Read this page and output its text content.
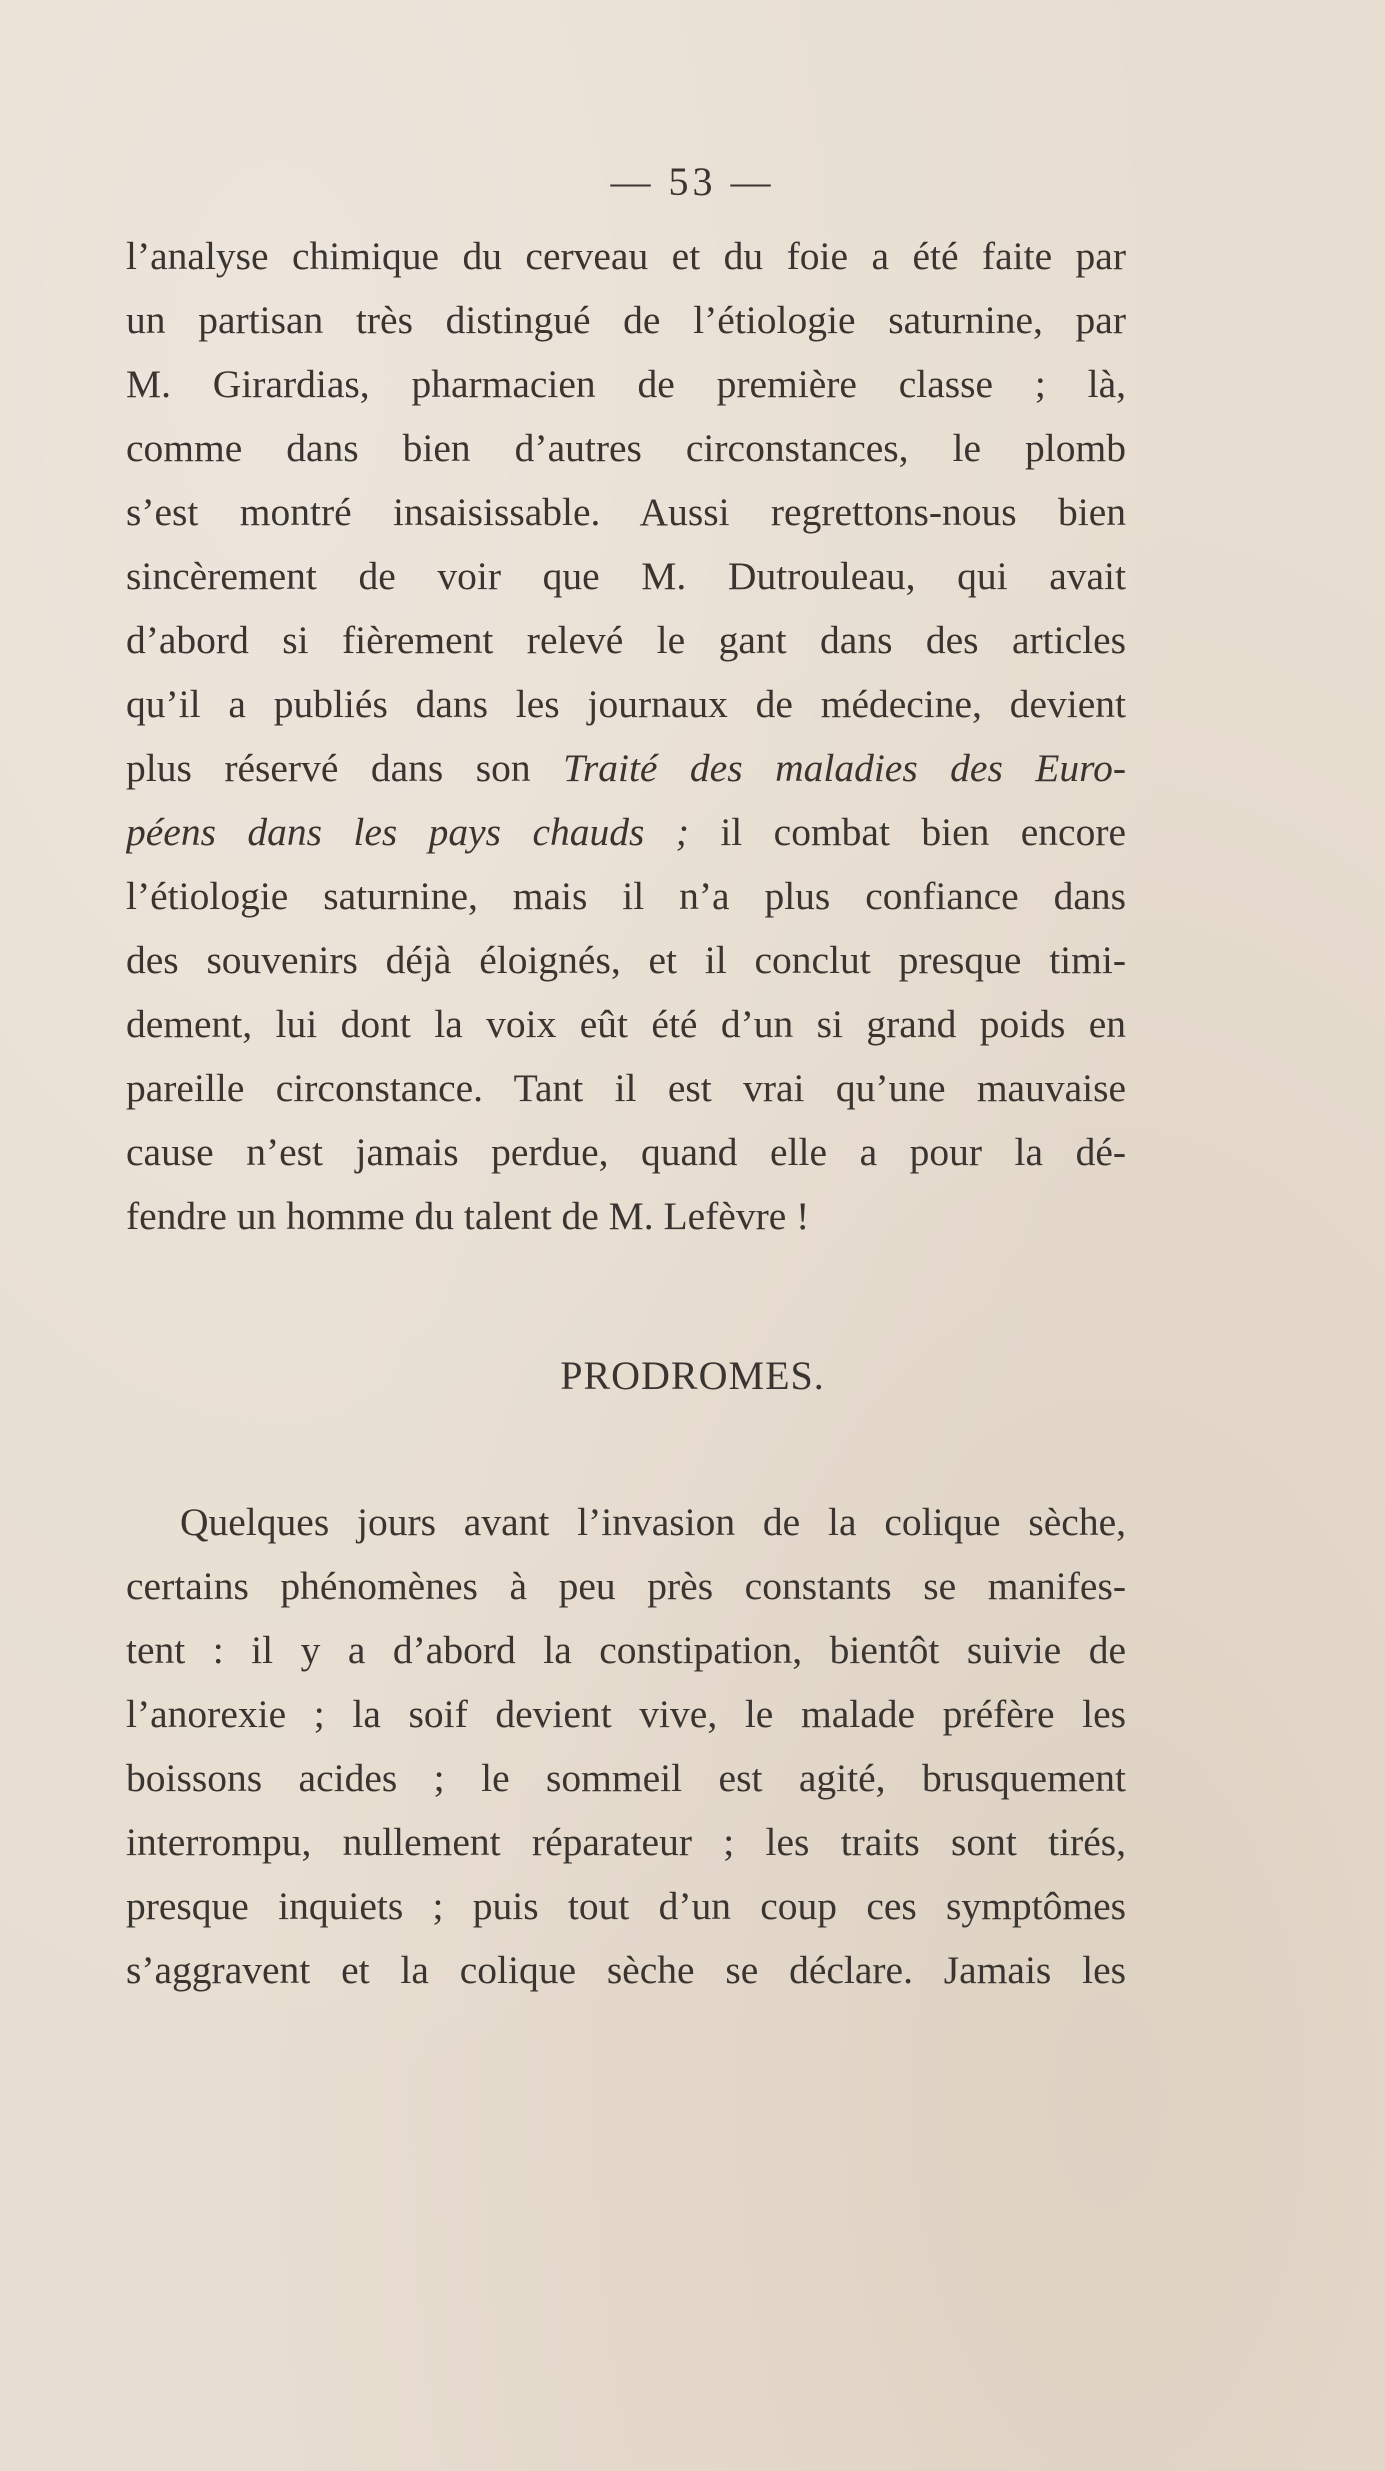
— 53 —
l’analyse chimique du cerveau et du foie a été faite par
un partisan très distingué de l’étiologie saturnine, par
M. Girardias, pharmacien de première classe ; là,
comme dans bien d’autres circonstances, le plomb
s’est montré insaisissable. Aussi regrettons-nous bien
sincèrement de voir que M. Dutrouleau, qui avait
d’abord si fièrement relevé le gant dans des articles
qu’il a publiés dans les journaux de médecine, devient
plus réservé dans son Traité des maladies des Euro-
péens dans les pays chauds ; il combat bien encore
l’étiologie saturnine, mais il n’a plus confiance dans
des souvenirs déjà éloignés, et il conclut presque timi-
dement, lui dont la voix eût été d’un si grand poids en
pareille circonstance. Tant il est vrai qu’une mauvaise
cause n’est jamais perdue, quand elle a pour la dé-
fendre un homme du talent de M. Lefèvre !
PRODROMES.
Quelques jours avant l’invasion de la colique sèche,
certains phénomènes à peu près constants se manifes-
tent : il y a d’abord la constipation, bientôt suivie de
l’anorexie ; la soif devient vive, le malade préfère les
boissons acides ; le sommeil est agité, brusquement
interrompu, nullement réparateur ; les traits sont tirés,
presque inquiets ; puis tout d’un coup ces symptômes
s’aggravent et la colique sèche se déclare. Jamais les
